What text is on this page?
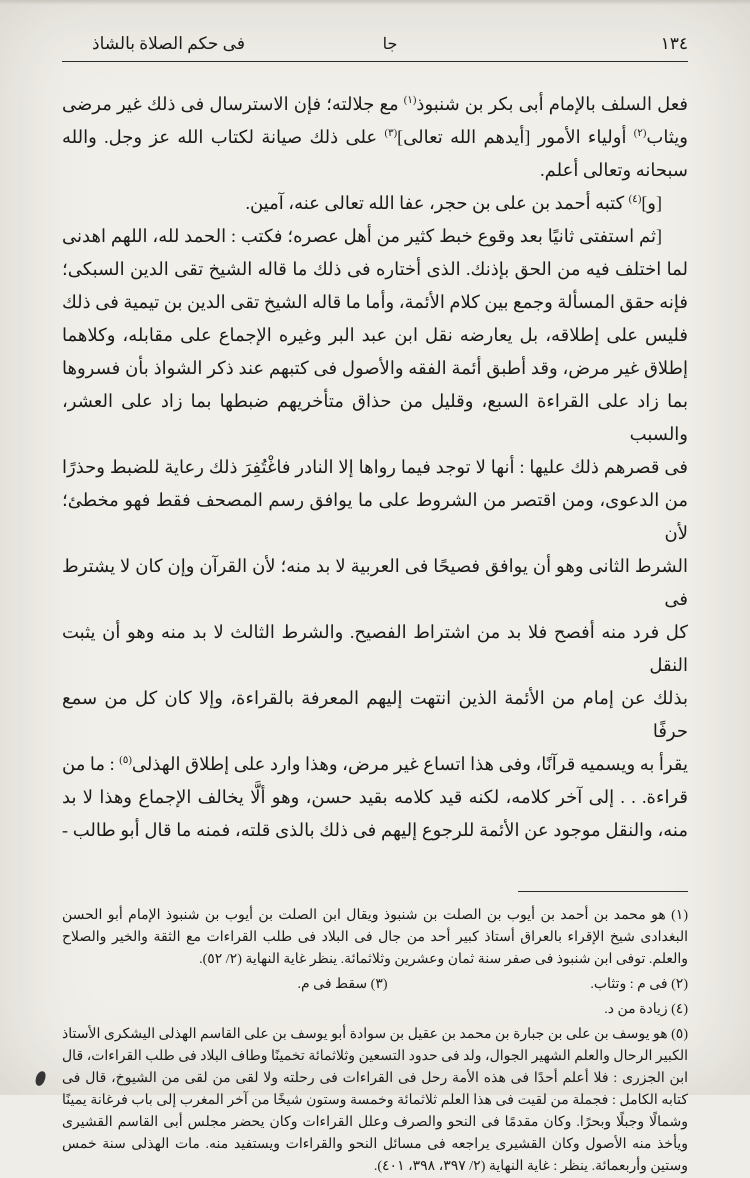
١٣٤
جا
فى حكم الصلاة بالشاذ
فعل السلف بالإمام أبى بكر بن شنبوذ$^{(١)}$ مع جلالته؛ فإن الاسترسال فى ذلك غير مرضى
ويثاب$^{(٢)}$ أولياء الأمور [أيدهم الله تعالى]$^{(٣)}$ على ذلك صيانة لكتاب الله عز وجل. والله
سبحانه وتعالى أعلم.
[و]$^{(٤)}$ كتبه أحمد بن على بن حجر، عفا الله تعالى عنه، آمين.
[ثم استفتى ثانيًا بعد وقوع خبط كثير من أهل عصره؛ فكتب : الحمد لله، اللهم اهدنى
لما اختلف فيه من الحق بإذنك. الذى أختاره فى ذلك ما قاله الشيخ تقى الدين السبكى؛
فإنه حقق المسألة وجمع بين كلام الأئمة، وأما ما قاله الشيخ تقى الدين بن تيمية فى ذلك
فليس على إطلاقه، بل يعارضه نقل ابن عبد البر وغيره الإجماع على مقابله، وكلاهما
إطلاق غير مرض، وقد أطبق أئمة الفقه والأصول فى كتبهم عند ذكر الشواذ بأن فسروها
بما زاد على القراءة السبع، وقليل من حذاق متأخريهم ضبطها بما زاد على العشر، والسبب
فى قصرهم ذلك عليها : أنها لا توجد فيما رواها إلا النادر فاغْتُفِرَ ذلك رعاية للضبط وحذرًا
من الدعوى، ومن اقتصر من الشروط على ما يوافق رسم المصحف فقط فهو مخطئ؛ لأن
الشرط الثانى وهو أن يوافق فصيحًا فى العربية لا بد منه؛ لأن القرآن وإن كان لا يشترط فى
كل فرد منه أفصح فلا بد من اشتراط الفصيح. والشرط الثالث لا بد منه وهو أن يثبت النقل
بذلك عن إمام من الأئمة الذين انتهت إليهم المعرفة بالقراءة، وإلا كان كل من سمع حرفًا
يقرأ به ويسميه قرآنًا، وفى هذا اتساع غير مرض، وهذا وارد على إطلاق الهذلى$^{(٥)}$ : ما من
قراءة. . . إلى آخر كلامه، لكنه قيد كلامه بقيد حسن، وهو ألَّا يخالف الإجماع وهذا لا بد
منه، والنقل موجود عن الأئمة للرجوع إليهم فى ذلك بالذى قلته، فمنه ما قال أبو طالب -

(١) هو محمد بن أحمد بن أيوب بن الصلت بن شنبوذ ويقال ابن الصلت بن أيوب بن شنبوذ الإمام أبو الحسن البغدادى شيخ الإقراء بالعراق أستاذ كبير أحد من جال فى البلاد فى طلب القراءات مع الثقة والخير والصلاح والعلم. توفى ابن شنبوذ فى صفر سنة ثمان وعشرين وثلاثمائة. ينظر غاية النهاية (٢/ ٥٢).

(٢) فى م : وتثاب.

(٣) سقط فى م.

(٤) زيادة من د.

(٥) هو يوسف بن على بن جبارة بن محمد بن عقيل بن سوادة أبو يوسف بن على القاسم الهذلى اليشكرى الأستاذ الكبير الرحال والعلم الشهير الجوال، ولد فى حدود التسعين وثلاثمائة تخمينًا وطاف البلاد فى طلب القراءات، قال ابن الجزرى : فلا أعلم أحدًا فى هذه الأمة رحل فى القراءات فى رحلته ولا لقى من لقى من الشيوخ، قال فى كتابه الكامل : فجملة من لقيت فى هذا العلم ثلاثمائة وخمسة وستون شيخًا من آخر المغرب إلى باب فرغانة يمينًا وشمالًا وجبلًا وبحرًا. وكان مقدمًا فى النحو والصرف وعلل القراءات وكان يحضر مجلس أبى القاسم القشيرى ويأخذ منه الأصول وكان القشيرى يراجعه فى مسائل النحو والقراءات ويستفيد منه. مات الهذلى سنة خمس وستين وأربعمائة. ينظر : غاية النهاية (٢/ ٣٩٧، ٣٩٨، ٤٠١).
